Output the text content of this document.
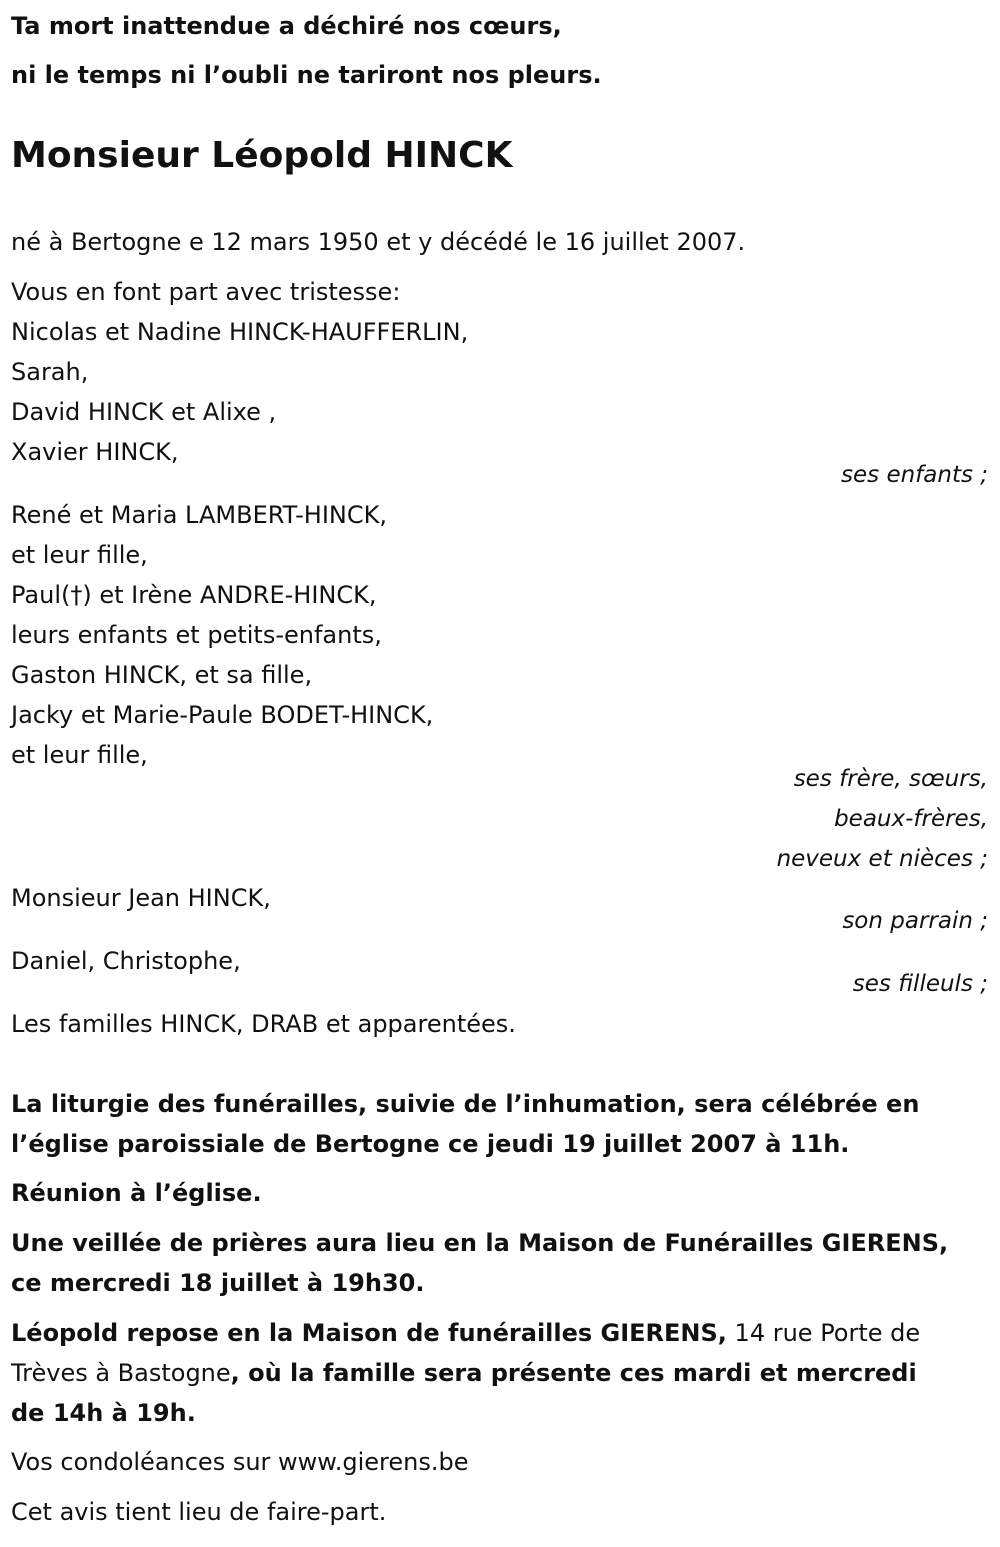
Ta mort inattendue a déchiré nos cœurs,
ni le temps ni l’oubli ne tariront nos pleurs.
Monsieur Léopold HINCK
né à Bertogne e 12 mars 1950 et y décédé le 16 juillet 2007.
Vous en font part avec tristesse:
Nicolas et Nadine HINCK-HAUFFERLIN,
Sarah,
David HINCK et Alixe ,
Xavier HINCK,
ses enfants ;
René et Maria LAMBERT-HINCK,
et leur fille,
Paul(†) et Irène ANDRE-HINCK,
leurs enfants et petits-enfants,
Gaston HINCK, et sa fille,
Jacky et Marie-Paule BODET-HINCK,
et leur fille,
ses frère, sœurs,
beaux-frères,
neveux et nièces ;
Monsieur Jean HINCK,
son parrain ;
Daniel, Christophe,
ses filleuls ;
Les familles HINCK, DRAB et apparentées.
La liturgie des funérailles, suivie de l’inhumation, sera célébrée en
l’église paroissiale de Bertogne ce jeudi 19 juillet 2007 à 11h.
Réunion à l’église.
Une veillée de prières aura lieu en la Maison de Funérailles GIERENS,
ce mercredi 18 juillet à 19h30.
Léopold repose en la Maison de funérailles GIERENS, 14 rue Porte de
Trèves à Bastogne, où la famille sera présente ces mardi et mercredi
de 14h à 19h.
Vos condoléances sur www.gierens.be
Cet avis tient lieu de faire-part.
